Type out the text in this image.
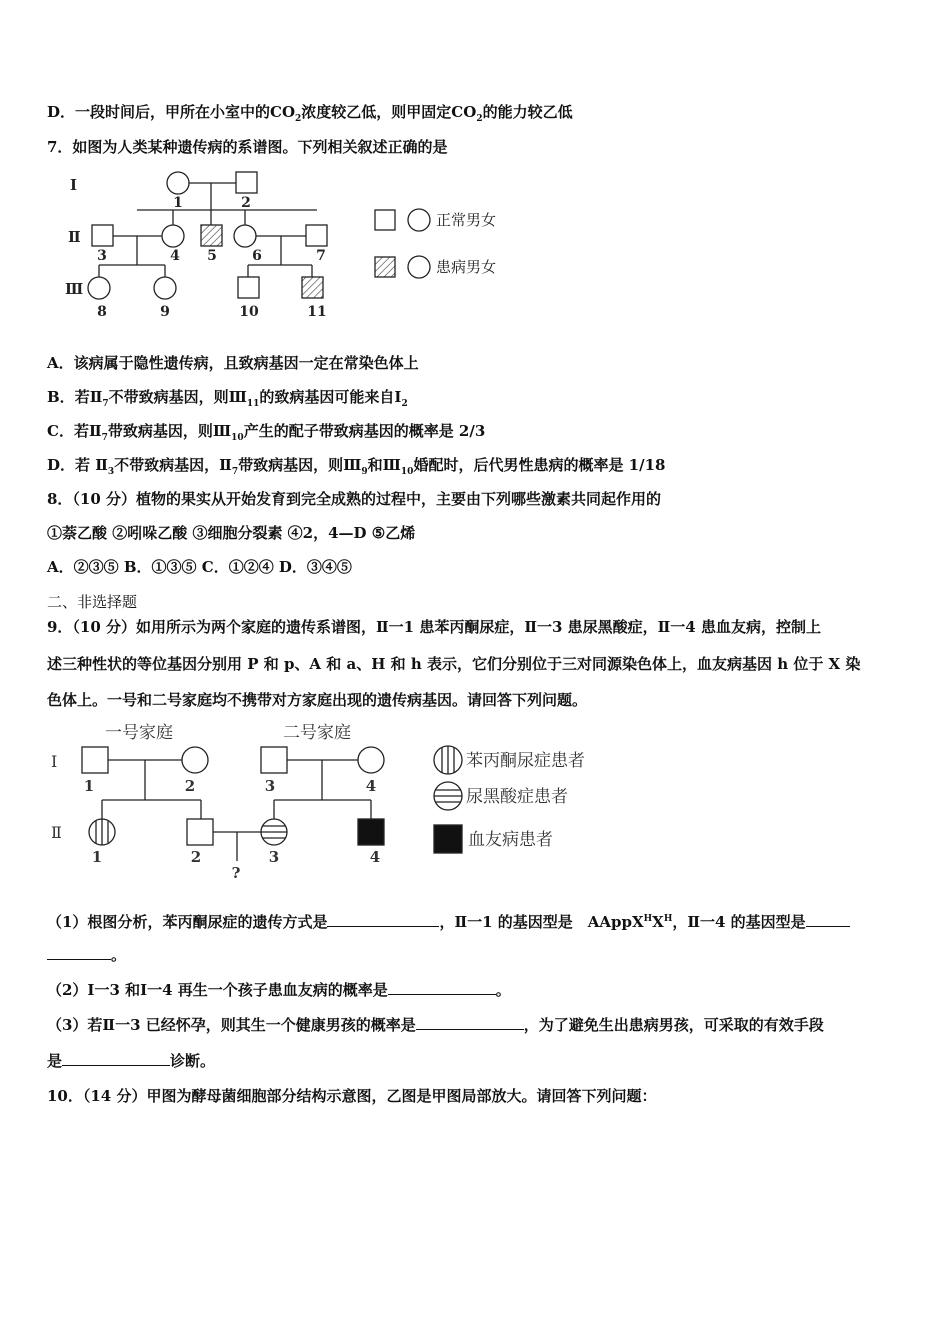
D．一段时间后，甲所在小室中的$CO_2$浓度较乙低，则甲固定$CO_2$的能力较乙低
7．如图为人类某种遗传病的系谱图。下列相关叙述正确的是
Ⅰ
Ⅱ
Ⅲ
1	2
3	4 5	6	7
8	9	10	11
正常男女
患病男女
A．该病属于隐性遗传病，且致病基因一定在常染色体上
B．若$Ⅱ_7$不带致病基因，则$Ⅲ_{11}$的致病基因可能来自$Ⅰ_2$
C．若$Ⅱ_7$带致病基因，则$Ⅲ_{10}$产生的配子带致病基因的概率是 2/3
D．若 $Ⅱ_3$不带致病基因，$Ⅱ_7$带致病基因，则$Ⅲ_9$和$Ⅲ_{10}$婚配时，后代男性患病的概率是 1/18
8．（10 分）植物的果实从开始发育到完全成熟的过程中，主要由下列哪些激素共同起作用的
①萘乙酸 ②吲哚乙酸 ③细胞分裂素 ④2，4—D ⑤乙烯
A．②③⑤ B．①③⑤ C．①②④ D．③④⑤
二、非选择题
9．（10 分）如用所示为两个家庭的遗传系谱图，Ⅱ一1 患苯丙酮尿症，Ⅱ一3 患尿黑酸症，Ⅱ一4 患血友病，控制上
述三种性状的等位基因分别用 P 和 p、A 和 a、H 和 h 表示，它们分别位于三对同源染色体上，血友病基因 h 位于 X 染
色体上。一号和二号家庭均不携带对方家庭出现的遗传病基因。请回答下列问题。
一号家庭	二号家庭
Ⅰ
Ⅱ
1	2	3	4
1	2	3	4
?
苯丙酮尿症患者
尿黑酸症患者
血友病患者
（1）根图分析，苯丙酮尿症的遗传方式是	，Ⅱ一1 的基因型是　$AAppX^HX^H$，Ⅱ一4 的基因型是
。
（2）Ⅰ一3 和Ⅰ一4 再生一个孩子患血友病的概率是	。
（3）若Ⅱ一3 已经怀孕，则其生一个健康男孩的概率是	，为了避免生出患病男孩，可采取的有效手段
是	诊断。
10．（14 分）甲图为酵母菌细胞部分结构示意图，乙图是甲图局部放大。请回答下列问题：
